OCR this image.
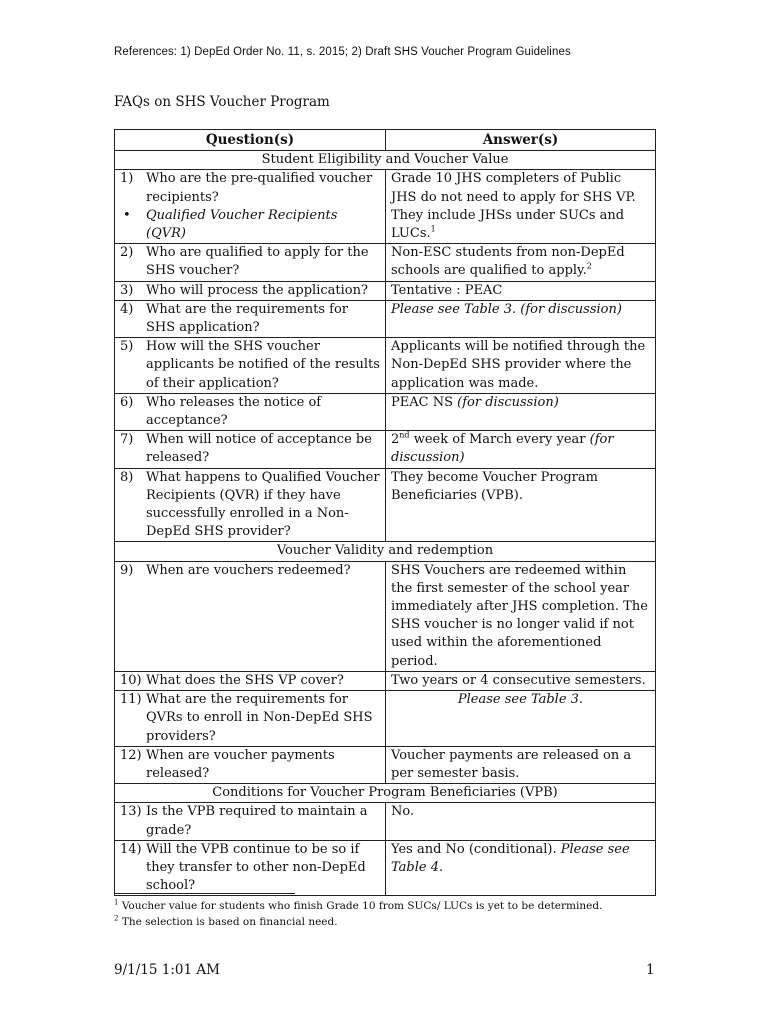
References: 1) DepEd Order No. 11, s. 2015; 2) Draft SHS Voucher Program Guidelines
FAQs on SHS Voucher Program
Question(s)	Answer(s)
Student Eligibility and Voucher Value	

1) Who are the pre-qualified voucher recipients?
• Qualified Voucher Recipients (QVR)	Grade 10 JHS completers of Public JHS do not need to apply for SHS VP. They include JHSs under SUCs and LUCs.$^1$

2) Who are qualified to apply for the SHS voucher?	Non-ESC students from non-DepEd schools are qualified to apply.$^2$

3) Who will process the application?	Tentative : PEAC

4) What are the requirements for SHS application?	Please see Table 3. (for discussion)

5) How will the SHS voucher applicants be notified of the results of their application?	Applicants will be notified through the Non-DepEd SHS provider where the application was made.

6) Who releases the notice of acceptance?	PEAC NS (for discussion)

7) When will notice of acceptance be released?	2nd week of March every year (for discussion)

8) What happens to Qualified Voucher Recipients (QVR) if they have successfully enrolled in a Non-DepEd SHS provider?	They become Voucher Program Beneficiaries (VPB).
Voucher Validity and redemption	

9) When are vouchers redeemed?	SHS Vouchers are redeemed within the first semester of the school year immediately after JHS completion. The SHS voucher is no longer valid if not used within the aforementioned period.

10) What does the SHS VP cover?	Two years or 4 consecutive semesters.

11) What are the requirements for QVRs to enroll in Non-DepEd SHS providers?	Please see Table 3.

12) When are voucher payments released?	Voucher payments are released on a per semester basis.
Conditions for Voucher Program Beneficiaries (VPB)	

13) Is the VPB required to maintain a grade?	No.

14) Will the VPB continue to be so if they transfer to other non-DepEd school?	Yes and No (conditional). Please see Table 4.
$^1$ Voucher value for students who finish Grade 10 from SUCs/ LUCs is yet to be determined.
$^2$ The selection is based on financial need.
9/1/15 1:01 AM	1
